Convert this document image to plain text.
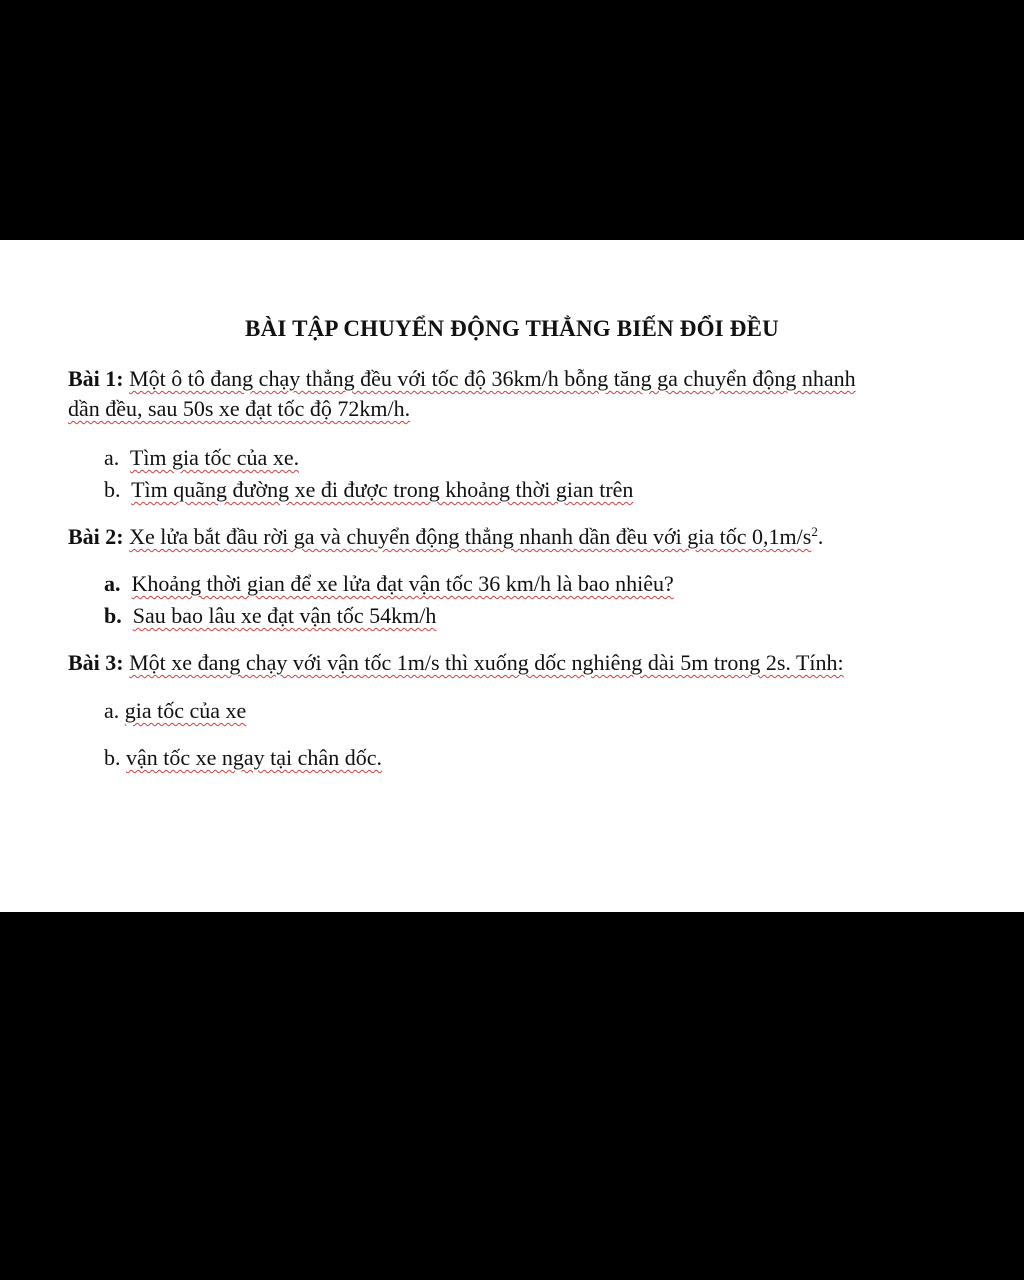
BÀI TẬP CHUYỂN ĐỘNG THẲNG BIẾN ĐỔI ĐỀU
Bài 1: Một ô tô đang chạy thẳng đều với tốc độ 36km/h bỗng tăng ga chuyển động nhanh
dần đều, sau 50s xe đạt tốc độ 72km/h.
a. Tìm gia tốc của xe.
b. Tìm quãng đường xe đi được trong khoảng thời gian trên
Bài 2: Xe lửa bắt đầu rời ga và chuyển động thẳng nhanh dần đều với gia tốc $0,1m/s^2$.
a. Khoảng thời gian để xe lửa đạt vận tốc 36 km/h là bao nhiêu?
b. Sau bao lâu xe đạt vận tốc 54km/h
Bài 3: Một xe đang chạy với vận tốc 1m/s thì xuống dốc nghiêng dài 5m trong 2s. Tính:
a. gia tốc của xe
b. vận tốc xe ngay tại chân dốc.
